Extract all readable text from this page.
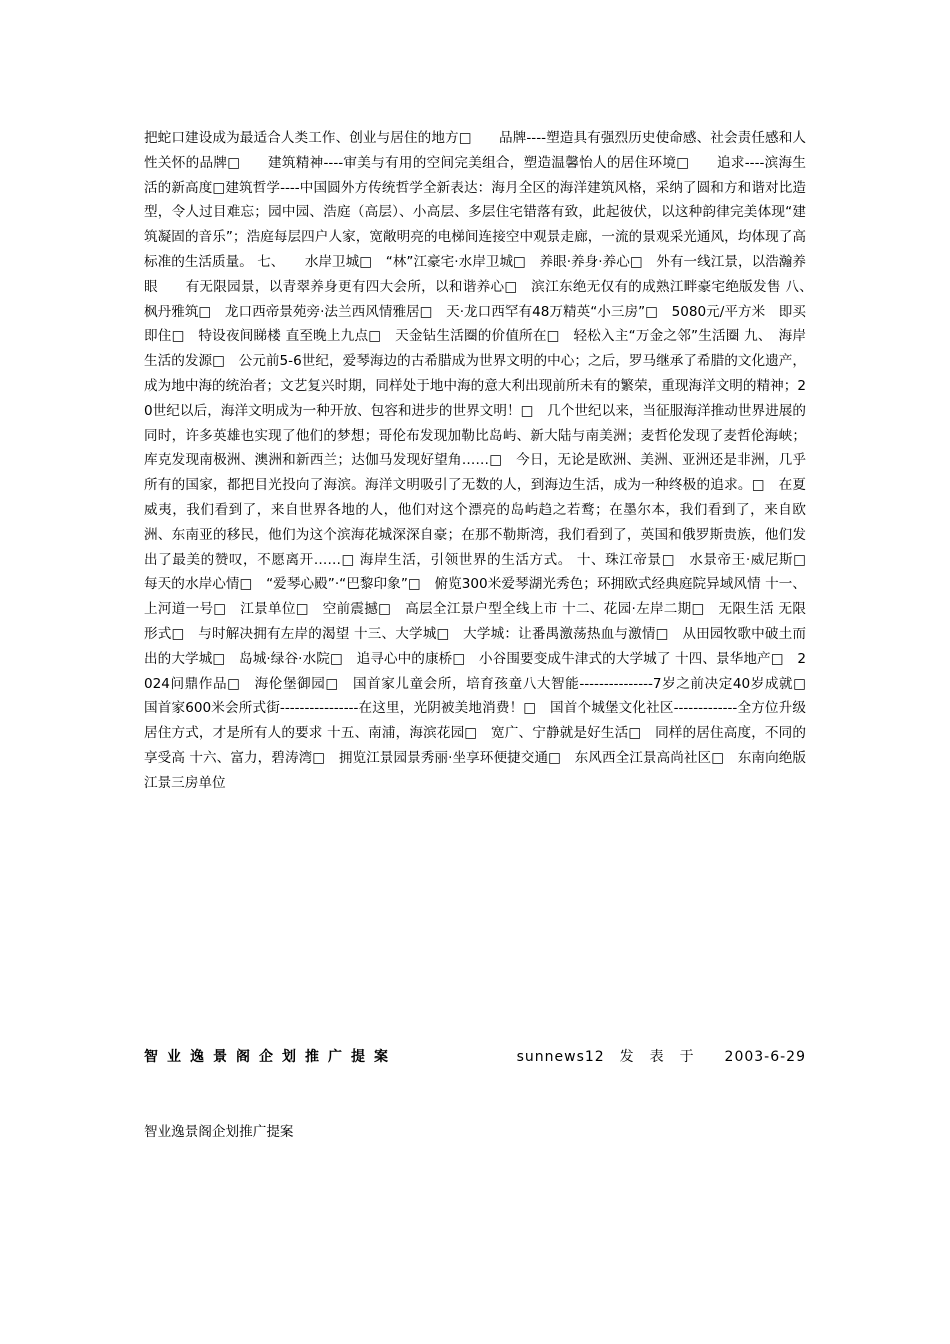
把蛇口建设成为最适合人类工作、创业与居住的地方□　　品牌----塑造具有强烈历史使命感、社会责任感和人性关怀的品牌□　　建筑精神----审美与有用的空间完美组合，塑造温馨怡人的居住环境□　　追求----滨海生活的新高度□建筑哲学----中国圆外方传统哲学全新表达：海月全区的海洋建筑风格，采纳了圆和方和谐对比造型，令人过目难忘；园中园、浩庭（高层）、小高层、多层住宅错落有致，此起彼伏，以这种韵律完美体现“建筑凝固的音乐”；浩庭每层四户人家，宽敞明亮的电梯间连接空中观景走廊，一流的景观采光通风，均体现了高标准的生活质量。 七、　　水岸卫城□　“林”江豪宅·水岸卫城□　养眼·养身·养心□　外有一线江景，以浩瀚养眼　　有无限园景，以青翠养身更有四大会所，以和谐养心□　滨江东绝无仅有的成熟江畔豪宅绝版发售 八、　　枫丹雅筑□　龙口西帝景苑旁·法兰西风情雅居□　天·龙口西罕有48万精英“小三房”□　5080元/平方米　即买即住□　特设夜间睇楼 直至晚上九点□　天金钻生活圈的价值所在□　轻松入主“万金之邻”生活圈 九、　海岸生活的发源□　公元前5-6世纪，爱琴海边的古希腊成为世界文明的中心；之后，罗马继承了希腊的文化遗产，成为地中海的统治者；文艺复兴时期，同样处于地中海的意大利出现前所未有的繁荣，重现海洋文明的精神；20世纪以后，海洋文明成为一种开放、包容和进步的世界文明！□　几个世纪以来，当征服海洋推动世界进展的同时，许多英雄也实现了他们的梦想；哥伦布发现加勒比岛屿、新大陆与南美洲；麦哲伦发现了麦哲伦海峡；库克发现南极洲、澳洲和新西兰；达伽马发现好望角……□　今日，无论是欧洲、美洲、亚洲还是非洲，几乎所有的国家，都把目光投向了海滨。海洋文明吸引了无数的人，到海边生活，成为一种终极的追求。□　在夏威夷，我们看到了，来自世界各地的人，他们对这个漂亮的岛屿趋之若鹜；在墨尔本，我们看到了，来自欧洲、东南亚的移民，他们为这个滨海花城深深自豪；在那不勒斯湾，我们看到了，英国和俄罗斯贵族，他们发出了最美的赞叹，不愿离开……□ 海岸生活，引领世界的生活方式。 十、珠江帝景□　水景帝王·威尼斯□　每天的水岸心情□　“爱琴心殿”·“巴黎印象”□　俯览300米爱琴湖光秀色；环拥欧式经典庭院异域风情 十一、上河道一号□　江景单位□　空前震撼□　高层全江景户型全线上市 十二、花园·左岸二期□　无限生活 无限形式□　与时解决拥有左岸的渴望 十三、大学城□　大学城：让番禺激荡热血与激情□　从田园牧歌中破土而出的大学城□　岛城·绿谷·水院□　追寻心中的康桥□　小谷围要变成牛津式的大学城了 十四、景华地产□　2024问鼎作品□　海伦堡御园□　国首家儿童会所，培育孩童八大智能---------------7岁之前决定40岁成就□　国首家600米会所式街----------------在这里，光阴被美地消费！□　国首个城堡文化社区-------------全方位升级居住方式，才是所有人的要求 十五、南浦，海滨花园□　宽广、宁静就是好生活□　同样的居住高度，不同的享受高 十六、富力，碧涛湾□　拥览江景园景秀丽·坐享环便捷交通□　东风西全江景高尚社区□　东南向绝版江景三房单位
智业逸景阁企划推广提案	sunnews12 发表于 2003-6-29
智业逸景阁企划推广提案
